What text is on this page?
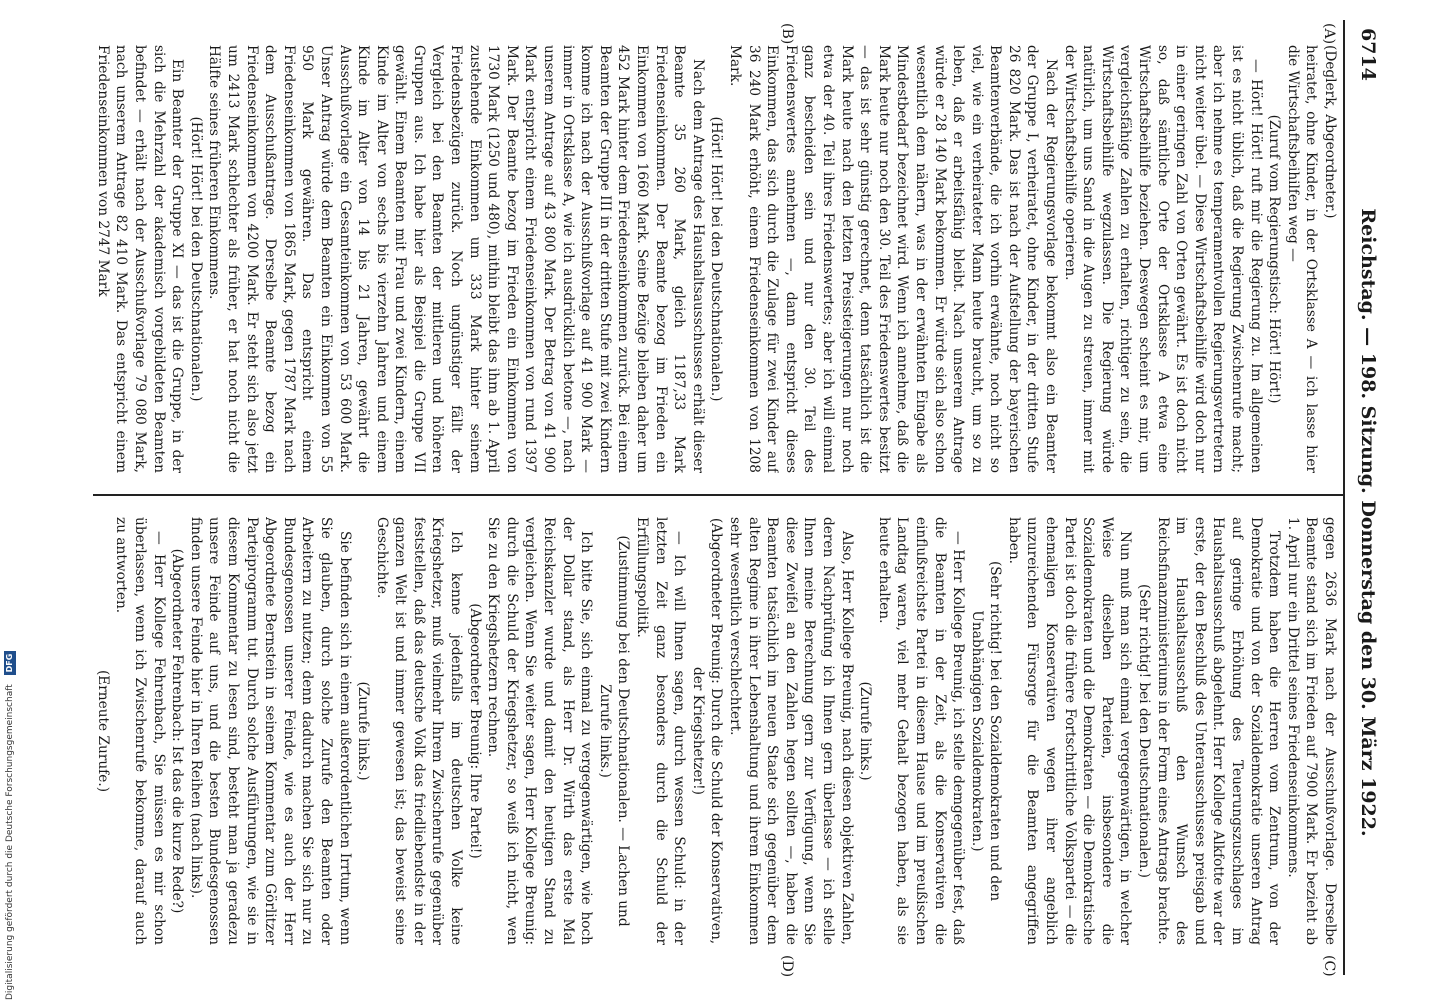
6714
Reichstag. — 198. Sitzung. Donnerstag den 30. März 1922.
(A)
(B)
(C)
(D)

(Deglerk, Abgeordneter.)

heiratet, ohne Kinder, in der Ortsklasse A — ich lasse hier die Wirtschaftsbeihilfen weg —

(Zuruf vom Regierungstisch: Hört! Hört!)

— Hört! Hört! ruft mir die Regierung zu. Im allgemeinen ist es nicht üblich, daß die Regierung Zwischenrufe macht; aber ich nehme es temperamentvollen Regierungsvertretern nicht weiter übel. — Diese Wirtschaftsbeihilfe wird doch nur in einer geringen Zahl von Orten gewährt. Es ist doch nicht so, daß sämtliche Orte der Ortsklasse A etwa eine Wirtschaftsbeihilfe beziehen. Deswegen scheint es mir, um vergleichsfähige Zahlen zu erhalten, richtiger zu sein, die Wirtschaftsbeihilfe wegzulassen. Die Regierung würde natürlich, um uns Sand in die Augen zu streuen, immer mit der Wirtschaftsbeihilfe operieren.

Nach der Regierungsvorlage bekommt also ein Beamter der Gruppe I, verheiratet, ohne Kinder, in der dritten Stufe 26 820 Mark. Das ist nach der Aufstellung der bayerischen Beamtenverbände, die ich vorhin erwähnte, noch nicht so viel, wie ein verheirateter Mann heute braucht, um so zu leben, daß er arbeitsfähig bleibt. Nach unserem Antrage würde er 28 140 Mark bekommen. Er würde sich also schon wesentlich dem nähern, was in der erwähnten Eingabe als Mindestbedarf bezeichnet wird. Wenn ich annehme, daß die Mark heute nur noch den 30. Teil des Friedenswertes besitzt — das ist sehr günstig gerechnet, denn tatsächlich ist die Mark heute nach den letzten Preissteigerungen nur noch etwa der 40. Teil ihres Friedenswertes; aber ich will einmal ganz bescheiden sein und nur den 30. Teil des Friedenswertes annehmen —, dann entspricht dieses Einkommen, das sich durch die Zulage für zwei Kinder auf 36 240 Mark erhöht, einem Friedenseinkommen von 1208 Mark.

(Hört! Hört! bei den Deutschnationalen.)

Nach dem Antrage des Haushaltsausschusses erhält dieser Beamte 35 260 Mark, gleich 1187,33 Mark Friedenseinkommen. Der Beamte bezog im Frieden ein Einkommen von 1660 Mark. Seine Bezüge bleiben daher um 452 Mark hinter dem Friedenseinkommen zurück. Bei einem Beamten der Gruppe III in der dritten Stufe mit zwei Kindern komme ich nach der Ausschußvorlage auf 41 900 Mark — immer in Ortsklasse A, wie ich ausdrücklich betone —, nach unserem Antrage auf 43 800 Mark. Der Betrag von 41 900 Mark entspricht einem Friedenseinkommen von rund 1397 Mark. Der Beamte bezog im Frieden ein Einkommen von 1730 Mark (1250 und 480), mithin bleibt das ihm ab 1. April zustehende Einkommen um 333 Mark hinter seinem Friedensbezügen zurück. Noch ungünstiger fällt der Vergleich bei den Beamten der mittleren und höheren Gruppen aus. Ich habe hier als Beispiel die Gruppe VII gewählt. Einem Beamten mit Frau und zwei Kindern, einem Kinde im Alter von sechs bis vierzehn Jahren und einem Kinde im Alter von 14 bis 21 Jahren, gewährt die Ausschußvorlage ein Gesamteinkommen von 53 600 Mark. Unser Antrag würde dem Beamten ein Einkommen von 55 950 Mark gewähren. Das entspricht einem Friedenseinkommen von 1865 Mark, gegen 1787 Mark nach dem Ausschußantrage. Derselbe Beamte bezog ein Friedenseinkommen von 4200 Mark. Er steht sich also jetzt um 2413 Mark schlechter als früher, er hat noch nicht die Hälfte seines früheren Einkommens.

(Hört! Hört! bei den Deutschnationalen.)

Ein Beamter der Gruppe XI — das ist die Gruppe, in der sich die Mehrzahl der akademisch vorgebildeten Beamten befindet — erhält nach der Ausschußvorlage 79 080 Mark, nach unserem Antrage 82 410 Mark. Das entspricht einem Friedenseinkommen von 2747 Mark

gegen 2636 Mark nach der Ausschußvorlage. Derselbe Beamte stand sich im Frieden auf 7900 Mark. Er bezieht ab 1. April nur ein Drittel seines Friedenseinkommens.

Trotzdem haben die Herren vom Zentrum, von der Demokratie und von der Sozialdemokratie unseren Antrag auf geringe Erhöhung des Teuerungszuschlages im Haushaltsausschuß abgelehnt. Herr Kollege Alkfotte war der erste, der den Beschluß des Unterausschusses preisgab und im Haushaltsausschuß den Wunsch des Reichsfinanzministeriums in der Form eines Antrags brachte.

(Sehr richtig! bei den Deutschnationalen.)

Nun muß man sich einmal vergegenwärtigen, in welcher Weise dieselben Parteien, insbesondere die Sozialdemokraten und die Demokraten — die Demokratische Partei ist doch die frühere Fortschrittliche Volkspartei — die ehemaligen Konservativen wegen ihrer angeblich unzureichenden Fürsorge für die Beamten angegriffen haben.

(Sehr richtig! bei den Sozialdemokraten und den Unabhängigen Sozialdemokraten.)

— Herr Kollege Breunig, ich stelle demgegenüber fest, daß die Beamten in der Zeit, als die Konservativen die einflußreichste Partei in diesem Hause und im preußischen Landtag waren, viel mehr Gehalt bezogen haben, als sie heute erhalten.

(Zurufe links.)

Also, Herr Kollege Breunig, nach diesen objektiven Zahlen, deren Nachprüfung ich Ihnen gern überlasse — ich stelle Ihnen meine Berechnung gern zur Verfügung, wenn Sie diese Zweifel an den Zahlen hegen sollten —, haben die Beamten tatsächlich im neuen Staate sich gegenüber dem alten Regime in ihrer Lebenshaltung und ihrem Einkommen sehr wesentlich verschlechtert.

(Abgeordneter Breunig: Durch die Schuld der Konservativen, der Kriegshetzer!)

— Ich will Ihnen sagen, durch wessen Schuld: in der letzten Zeit ganz besonders durch die Schuld der Erfüllungspolitik.

(Zustimmung bei den Deutschnationalen. — Lachen und Zurufe links.)

Ich bitte Sie, sich einmal zu vergegenwärtigen, wie hoch der Dollar stand, als Herr Dr. Wirth das erste Mal Reichskanzler wurde und damit den heutigen Stand zu vergleichen. Wenn Sie weiter sagen, Herr Kollege Breunig: durch die Schuld der Kriegshetzer, so weiß ich nicht, wen Sie zu den Kriegshetzern rechnen.

(Abgeordneter Breunig: Ihre Partei!)

Ich kenne jedenfalls im deutschen Volke keine Kriegshetzer, muß vielmehr Ihrem Zwischenrufe gegenüber feststellen, daß das deutsche Volk das friedliebendste in der ganzen Welt ist und immer gewesen ist; das beweist seine Geschichte.

(Zurufe links.)

Sie befinden sich in einem außerordentlichen Irrtum, wenn Sie glauben, durch solche Zurufe den Beamten oder Arbeitern zu nutzen; denn dadurch machen Sie sich nur zu Bundesgenossen unserer Feinde, wie es auch der Herr Abgeordnete Bernstein in seinem Kommentar zum Görlitzer Parteiprogramm tut. Durch solche Ausführungen, wie sie in diesem Kommentar zu lesen sind, besteht man ja geradezu unsere Feinde auf uns, und die besten Bundesgenossen finden unsere Feinde hier in Ihren Reihen (nach links).

(Abgeordneter Fehrenbach: Ist das die kurze Rede?)

— Herr Kollege Fehrenbach, Sie müssen es mir schon überlassen, wenn ich Zwischenrufe bekomme, darauf auch zu antworten.

(Erneute Zurufe.)

Digitalisierung gefördert durch die Deutsche Forschungsgemeinschaft DFG
